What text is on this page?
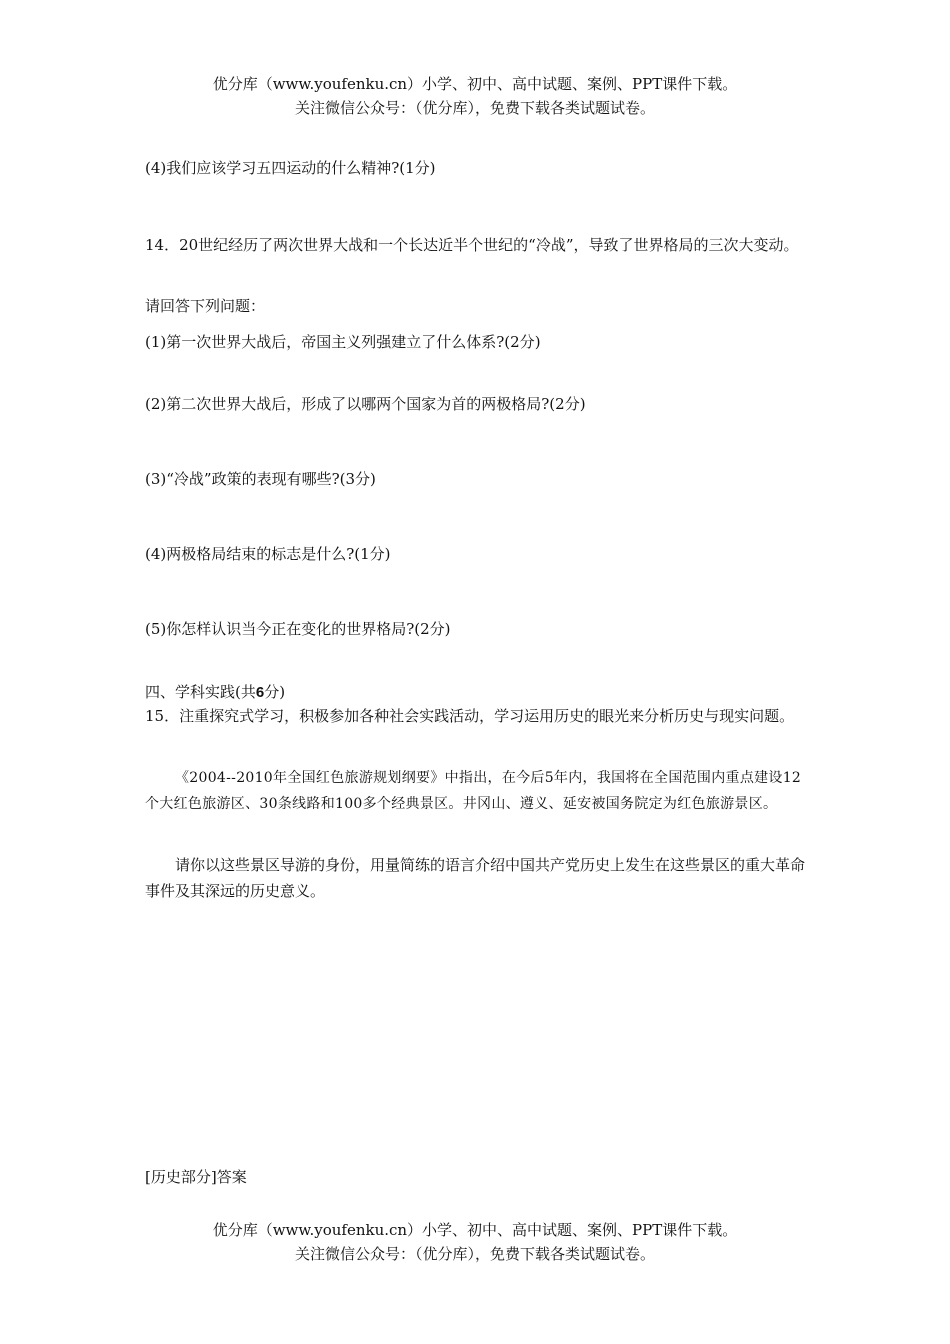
优分库（www.youfenku.cn）小学、初中、高中试题、案例、PPT课件下载。
关注微信公众号：（优分库），免费下载各类试题试卷。
(4)我们应该学习五四运动的什么精神?(1分)
14．20世纪经历了两次世界大战和一个长达近半个世纪的“冷战”，导致了世界格局的三次大变动。
请回答下列问题：
(1)第一次世界大战后，帝国主义列强建立了什么体系?(2分)
(2)第二次世界大战后，形成了以哪两个国家为首的两极格局?(2分)
(3)“冷战”政策的表现有哪些?(3分)
(4)两极格局结束的标志是什么?(1分)
(5)你怎样认识当今正在变化的世界格局?(2分)
四、学科实践(共6分)
15．注重探究式学习，积极参加各种社会实践活动，学习运用历史的眼光来分析历史与现实问题。
《2004--2010年全国红色旅游规划纲要》中指出，在今后5年内，我国将在全国范围内重点建设12个大红色旅游区、30条线路和100多个经典景区。井冈山、遵义、延安被国务院定为红色旅游景区。
请你以这些景区导游的身份，用量简练的语言介绍中国共产党历史上发生在这些景区的重大革命事件及其深远的历史意义。
[历史部分]答案
优分库（www.youfenku.cn）小学、初中、高中试题、案例、PPT课件下载。
关注微信公众号：（优分库），免费下载各类试题试卷。
